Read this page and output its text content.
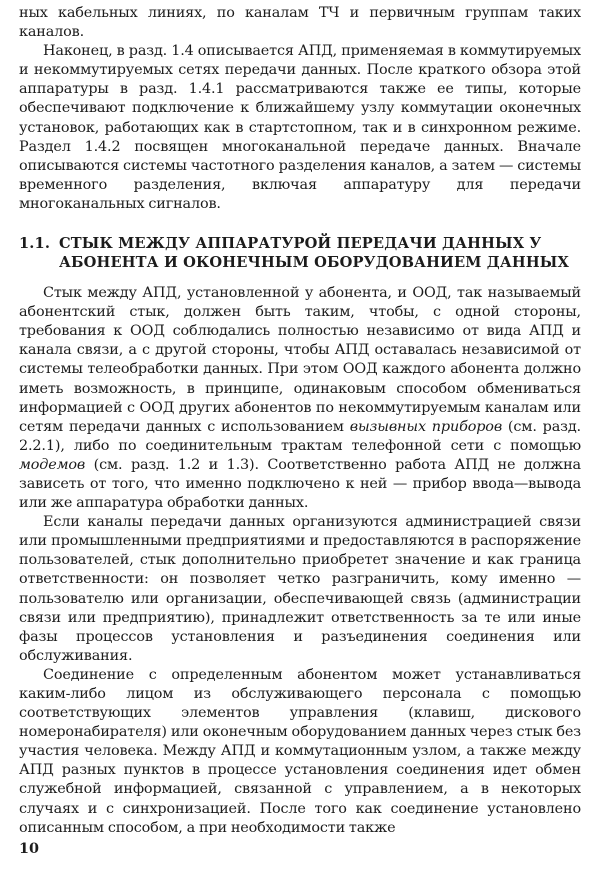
ных кабельных линиях, по каналам ТЧ и первичным группам таких каналов.

Наконец, в разд. 1.4 описывается АПД, применяемая в коммутируемых и некоммутируемых сетях передачи данных. После краткого обзора этой аппаратуры в разд. 1.4.1 рассматриваются также ее типы, которые обеспечивают подключение к ближайшему узлу коммутации оконечных установок, работающих как в стартстопном, так и в синхронном режиме. Раздел 1.4.2 посвящен многоканальной передаче данных. Вначале описываются системы частотного разделения каналов, а затем — системы временного разделения, включая аппаратуру для передачи многоканальных сигналов.

1.1. СТЫК МЕЖДУ АППАРАТУРОЙ ПЕРЕДАЧИ ДАННЫХ У АБОНЕНТА И ОКОНЕЧНЫМ ОБОРУДОВАНИЕМ ДАННЫХ

Стык между АПД, установленной у абонента, и ООД, так называемый абонентский стык, должен быть таким, чтобы, с одной стороны, требования к ООД соблюдались полностью независимо от вида АПД и канала связи, а с другой стороны, чтобы АПД оставалась независимой от системы телеобработки данных. При этом ООД каждого абонента должно иметь возможность, в принципе, одинаковым способом обмениваться информацией с ООД других абонентов по некоммутируемым каналам или сетям передачи данных с использованием вызывных приборов (см. разд. 2.2.1), либо по соединительным трактам телефонной сети с помощью модемов (см. разд. 1.2 и 1.3). Соответственно работа АПД не должна зависеть от того, что именно подключено к ней — прибор ввода—вывода или же аппаратура обработки данных.

Если каналы передачи данных организуются администрацией связи или промышленными предприятиями и предоставляются в распоряжение пользователей, стык дополнительно приобретет значение и как граница ответственности: он позволяет четко разграничить, кому именно — пользователю или организации, обеспечивающей связь (администрации связи или предприятию), принадлежит ответственность за те или иные фазы процессов установления и разъединения соединения или обслуживания.

Соединение с определенным абонентом может устанавливаться каким-либо лицом из обслуживающего персонала с помощью соответствующих элементов управления (клавиш, дискового номеронабирателя) или оконечным оборудованием данных через стык без участия человека. Между АПД и коммутационным узлом, а также между АПД разных пунктов в процессе установления соединения идет обмен служебной информацией, связанной с управлением, а в некоторых случаях и с синхронизацией. После того как соединение установлено описанным способом, а при необходимости также

10
